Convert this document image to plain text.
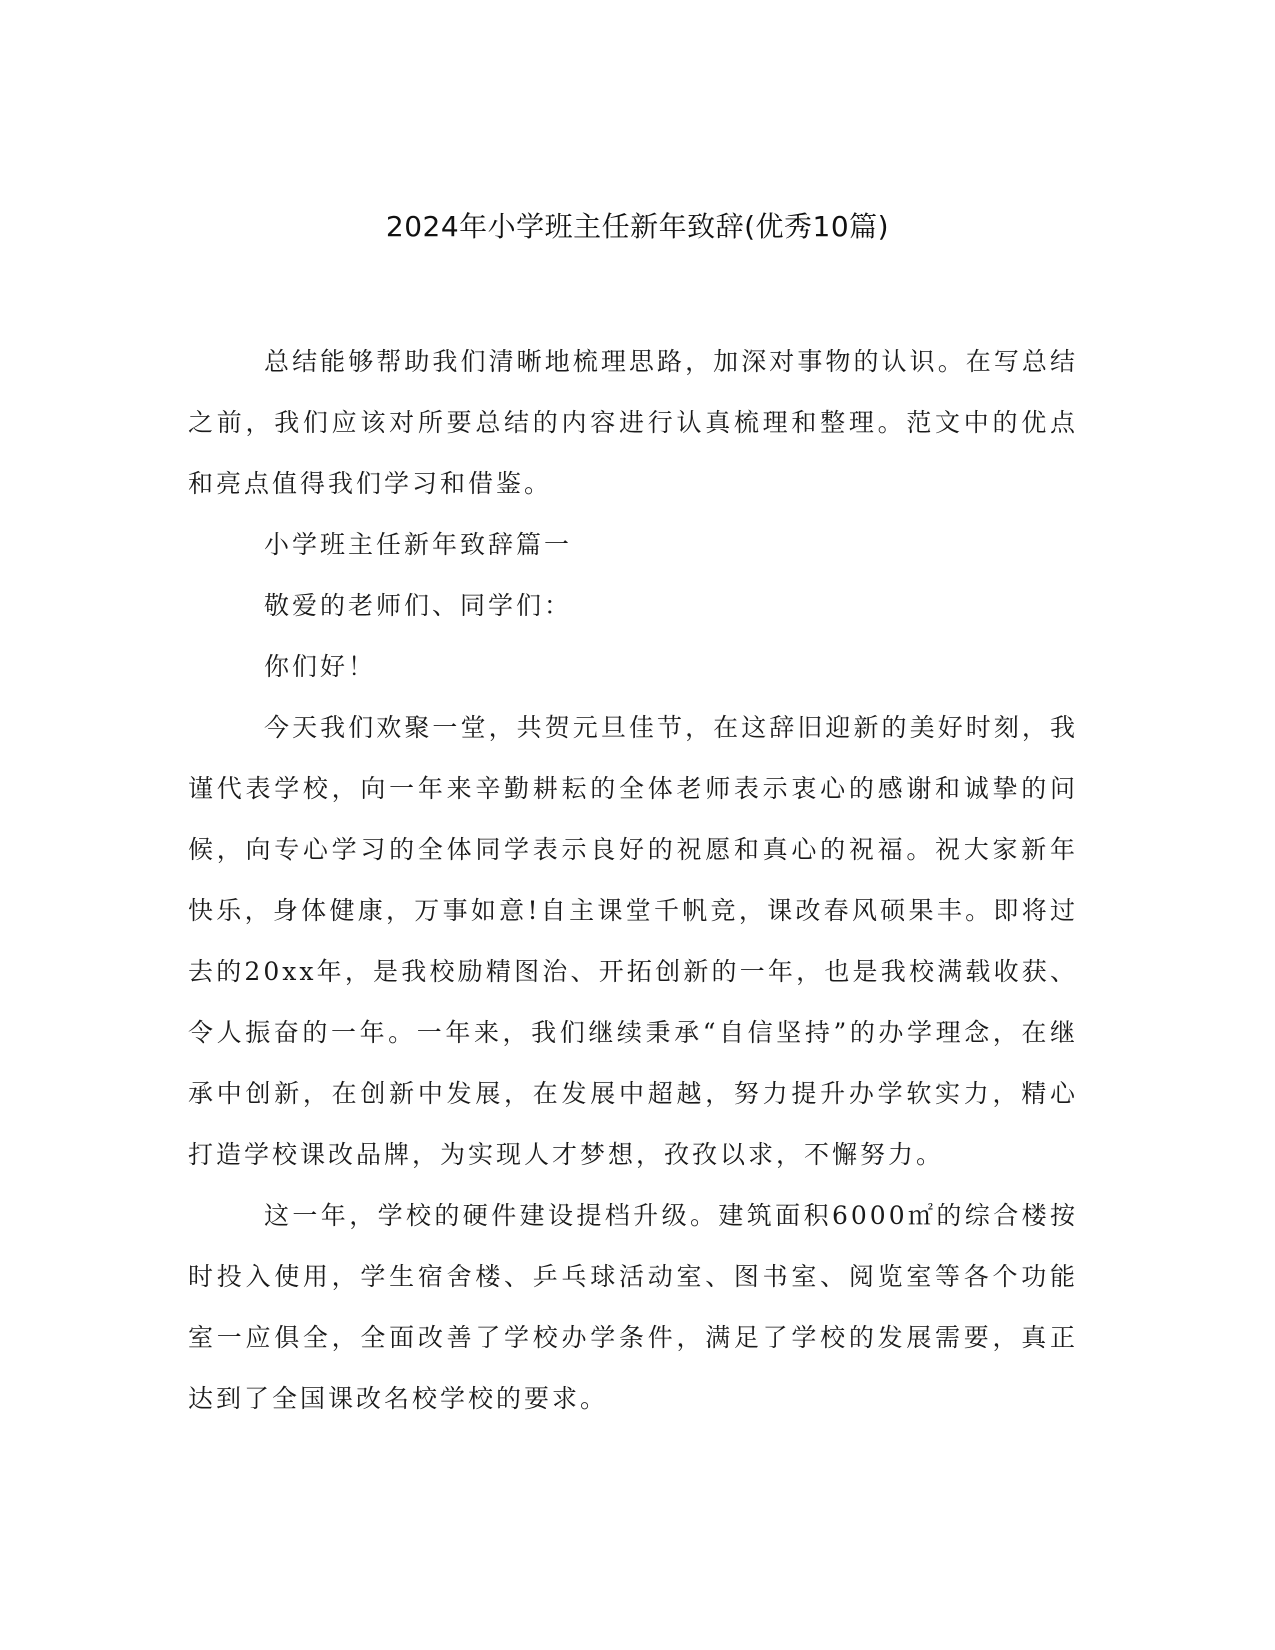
2024年小学班主任新年致辞(优秀10篇)

总结能够帮助我们清晰地梳理思路，加深对事物的认识。在写总结之前，我们应该对所要总结的内容进行认真梳理和整理。范文中的优点和亮点值得我们学习和借鉴。

小学班主任新年致辞篇一

敬爱的老师们、同学们：

你们好！

今天我们欢聚一堂，共贺元旦佳节，在这辞旧迎新的美好时刻，我谨代表学校，向一年来辛勤耕耘的全体老师表示衷心的感谢和诚挚的问候，向专心学习的全体同学表示良好的祝愿和真心的祝福。祝大家新年快乐，身体健康，万事如意!自主课堂千帆竞，课改春风硕果丰。即将过去的20xx年，是我校励精图治、开拓创新的一年，也是我校满载收获、令人振奋的一年。一年来，我们继续秉承“自信坚持”的办学理念，在继承中创新，在创新中发展，在发展中超越，努力提升办学软实力，精心打造学校课改品牌，为实现人才梦想，孜孜以求，不懈努力。

这一年，学校的硬件建设提档升级。建筑面积6000㎡的综合楼按时投入使用，学生宿舍楼、乒乓球活动室、图书室、阅览室等各个功能室一应俱全，全面改善了学校办学条件，满足了学校的发展需要，真正达到了全国课改名校学校的要求。
